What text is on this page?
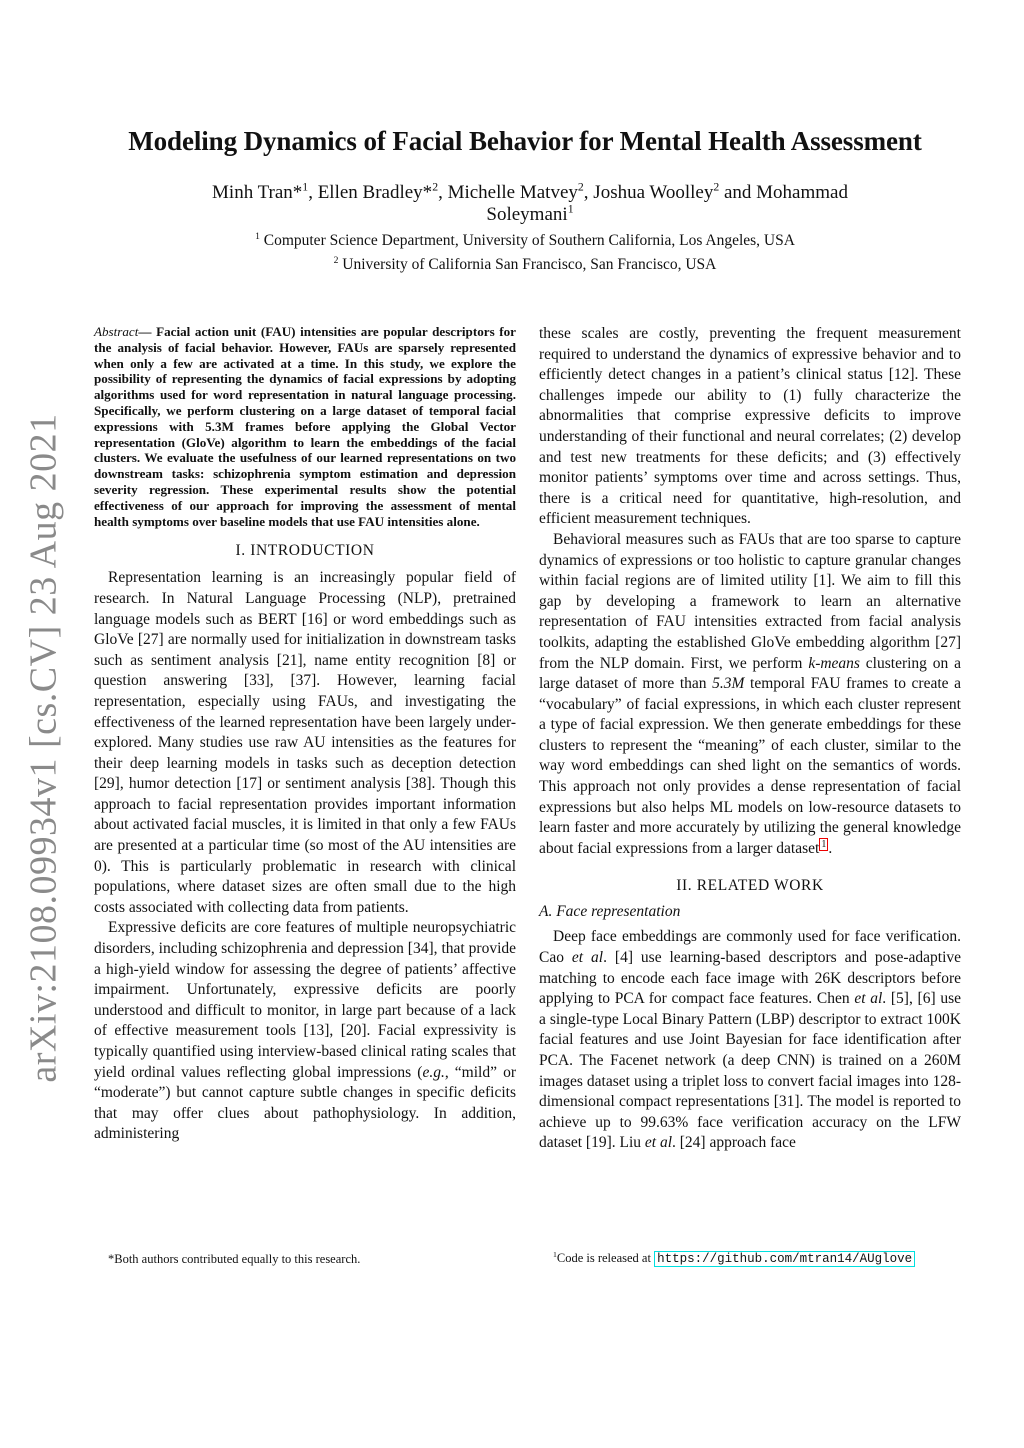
arXiv:2108.09934v1 [cs.CV] 23 Aug 2021
Modeling Dynamics of Facial Behavior for Mental Health Assessment
Minh Tran*$^1$, Ellen Bradley*$^2$, Michelle Matvey$^2$, Joshua Woolley$^2$ and Mohammad
Soleymani$^1$
$^1$ Computer Science Department, University of Southern California, Los Angeles, USA
$^2$ University of California San Francisco, San Francisco, USA

Abstract— Facial action unit (FAU) intensities are popular descriptors for the analysis of facial behavior. However, FAUs are sparsely represented when only a few are activated at a time. In this study, we explore the possibility of representing the dynamics of facial expressions by adopting algorithms used for word representation in natural language processing. Specifically, we perform clustering on a large dataset of temporal facial expressions with 5.3M frames before applying the Global Vector representation (GloVe) algorithm to learn the embeddings of the facial clusters. We evaluate the usefulness of our learned representations on two downstream tasks: schizophrenia symptom estimation and depression severity regression. These experimental results show the potential effectiveness of our approach for improving the assessment of mental health symptoms over baseline models that use FAU intensities alone.

I. INTRODUCTION

Representation learning is an increasingly popular field of research. In Natural Language Processing (NLP), pretrained language models such as BERT [16] or word embeddings such as GloVe [27] are normally used for initialization in downstream tasks such as sentiment analysis [21], name entity recognition [8] or question answering [33], [37]. However, learning facial representation, especially using FAUs, and investigating the effectiveness of the learned representation have been largely under-explored. Many studies use raw AU intensities as the features for their deep learning models in tasks such as deception detection [29], humor detection [17] or sentiment analysis [38]. Though this approach to facial representation provides important information about activated facial muscles, it is limited in that only a few FAUs are presented at a particular time (so most of the AU intensities are 0). This is particularly problematic in research with clinical populations, where dataset sizes are often small due to the high costs associated with collecting data from patients.

Expressive deficits are core features of multiple neuropsychiatric disorders, including schizophrenia and depression [34], that provide a high-yield window for assessing the degree of patients’ affective impairment. Unfortunately, expressive deficits are poorly understood and difficult to monitor, in large part because of a lack of effective measurement tools [13], [20]. Facial expressivity is typically quantified using interview-based clinical rating scales that yield ordinal values reflecting global impressions (e.g., “mild” or “moderate”) but cannot capture subtle changes in specific deficits that may offer clues about pathophysiology. In addition, administering

these scales are costly, preventing the frequent measurement required to understand the dynamics of expressive behavior and to efficiently detect changes in a patient’s clinical status [12]. These challenges impede our ability to (1) fully characterize the abnormalities that comprise expressive deficits to improve understanding of their functional and neural correlates; (2) develop and test new treatments for these deficits; and (3) effectively monitor patients’ symptoms over time and across settings. Thus, there is a critical need for quantitative, high-resolution, and efficient measurement techniques.

Behavioral measures such as FAUs that are too sparse to capture dynamics of expressions or too holistic to capture granular changes within facial regions are of limited utility [1]. We aim to fill this gap by developing a framework to learn an alternative representation of FAU intensities extracted from facial analysis toolkits, adapting the established GloVe embedding algorithm [27] from the NLP domain. First, we perform k-means clustering on a large dataset of more than 5.3M temporal FAU frames to create a “vocabulary” of facial expressions, in which each cluster represent a type of facial expression. We then generate embeddings for these clusters to represent the “meaning” of each cluster, similar to the way word embeddings can shed light on the semantics of words. This approach not only provides a dense representation of facial expressions but also helps ML models on low-resource datasets to learn faster and more accurately by utilizing the general knowledge about facial expressions from a larger dataset $^1$ .

II. RELATED WORK
A. Face representation

Deep face embeddings are commonly used for face verification. Cao et al. [4] use learning-based descriptors and pose-adaptive matching to encode each face image with 26K descriptors before applying to PCA for compact face features. Chen et al. [5], [6] use a single-type Local Binary Pattern (LBP) descriptor to extract 100K facial features and use Joint Bayesian for face identification after PCA. The Facenet network (a deep CNN) is trained on a 260M images dataset using a triplet loss to convert facial images into 128-dimensional compact representations [31]. The model is reported to achieve up to 99.63% face verification accuracy on the LFW dataset [19]. Liu et al. [24] approach face

*Both authors contributed equally to this research.	$^1$Code is released at https://github.com/mtran14/AUglove
